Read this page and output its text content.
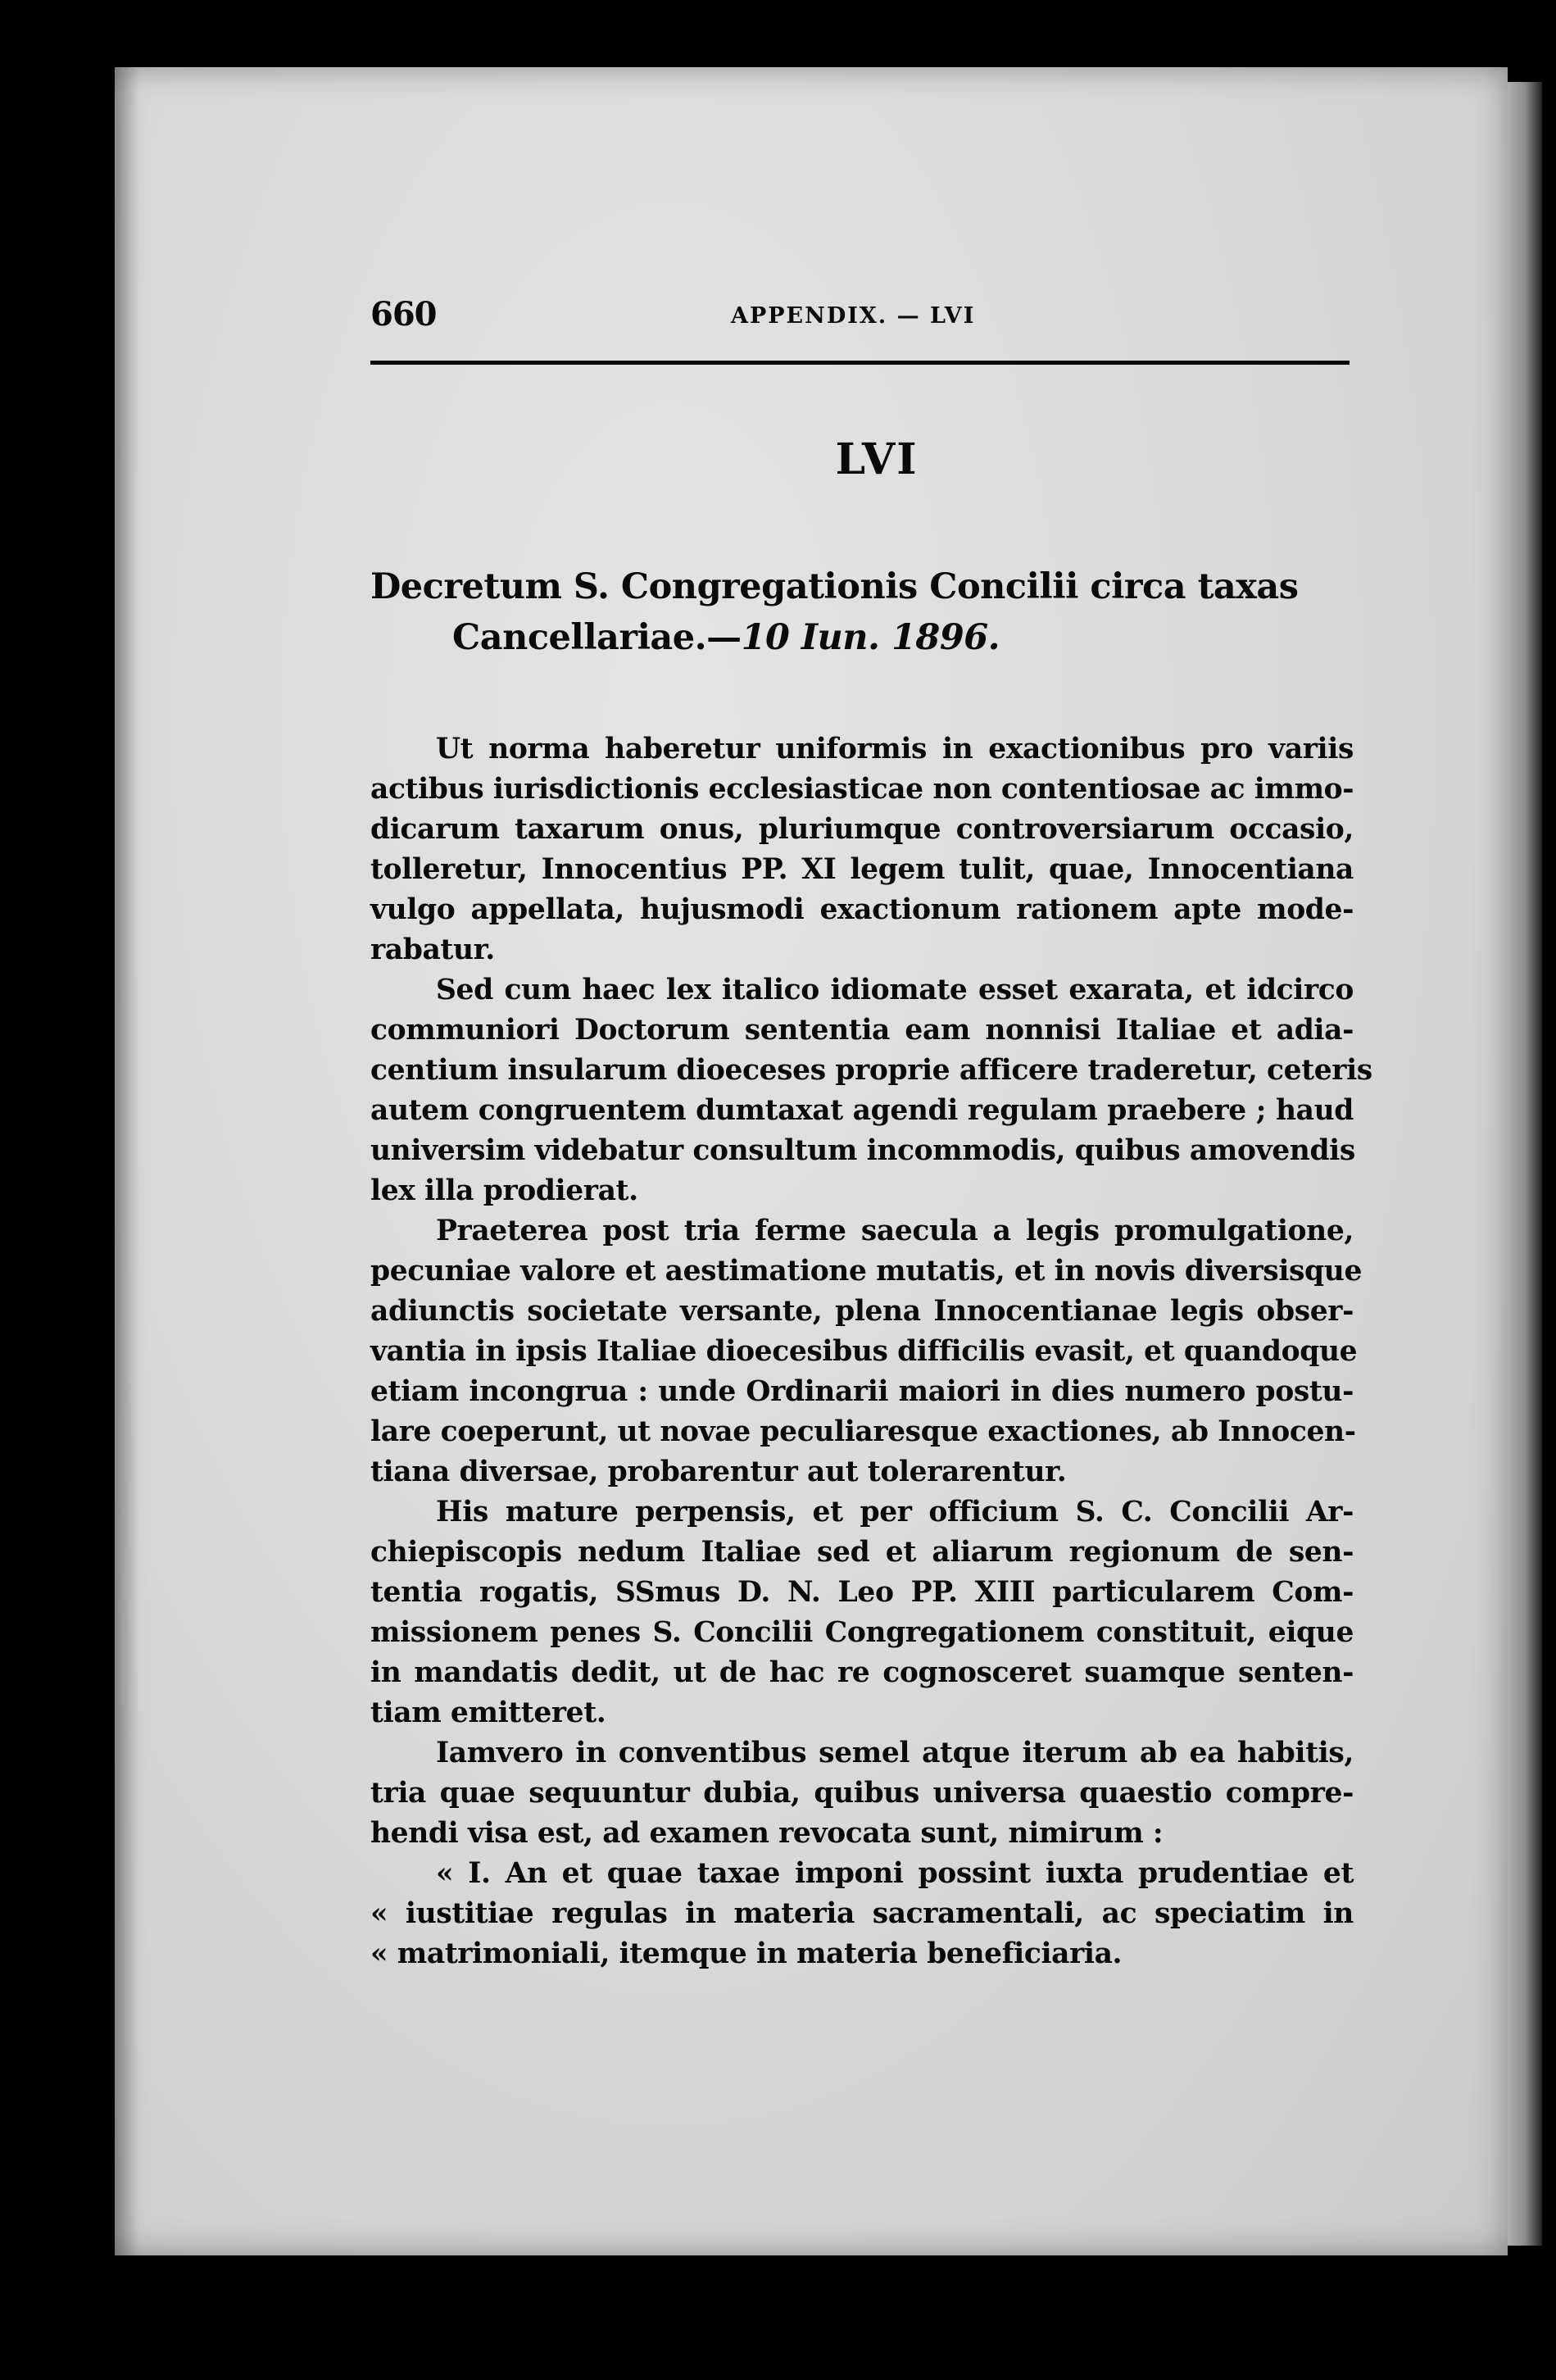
660	APPENDIX. — LVI
LVI
Decretum S. Congregationis Concilii circa taxas
Cancellariae.—10 Iun. 1896.
Ut norma haberetur uniformis in exactionibus pro variis
actibus iurisdictionis ecclesiasticae non contentiosae ac immo-
dicarum taxarum onus, pluriumque controversiarum occasio,
tolleretur, Innocentius PP. XI legem tulit, quae, Innocentiana
vulgo appellata, hujusmodi exactionum rationem apte mode-
rabatur.
Sed cum haec lex italico idiomate esset exarata, et idcirco
communiori Doctorum sententia eam nonnisi Italiae et adia-
centium insularum dioeceses proprie afficere traderetur, ceteris
autem congruentem dumtaxat agendi regulam praebere ; haud
universim videbatur consultum incommodis, quibus amovendis
lex illa prodierat.
Praeterea post tria ferme saecula a legis promulgatione,
pecuniae valore et aestimatione mutatis, et in novis diversisque
adiunctis societate versante, plena Innocentianae legis obser-
vantia in ipsis Italiae dioecesibus difficilis evasit, et quandoque
etiam incongrua : unde Ordinarii maiori in dies numero postu-
lare coeperunt, ut novae peculiaresque exactiones, ab Innocen-
tiana diversae, probarentur aut tolerarentur.
His mature perpensis, et per officium S. C. Concilii Ar-
chiepiscopis nedum Italiae sed et aliarum regionum de sen-
tentia rogatis, SSmus D. N. Leo PP. XIII particularem Com-
missionem penes S. Concilii Congregationem constituit, eique
in mandatis dedit, ut de hac re cognosceret suamque senten-
tiam emitteret.
Iamvero in conventibus semel atque iterum ab ea habitis,
tria quae sequuntur dubia, quibus universa quaestio compre-
hendi visa est, ad examen revocata sunt, nimirum :
« I. An et quae taxae imponi possint iuxta prudentiae et
« iustitiae regulas in materia sacramentali, ac speciatim in
« matrimoniali, itemque in materia beneficiaria.
